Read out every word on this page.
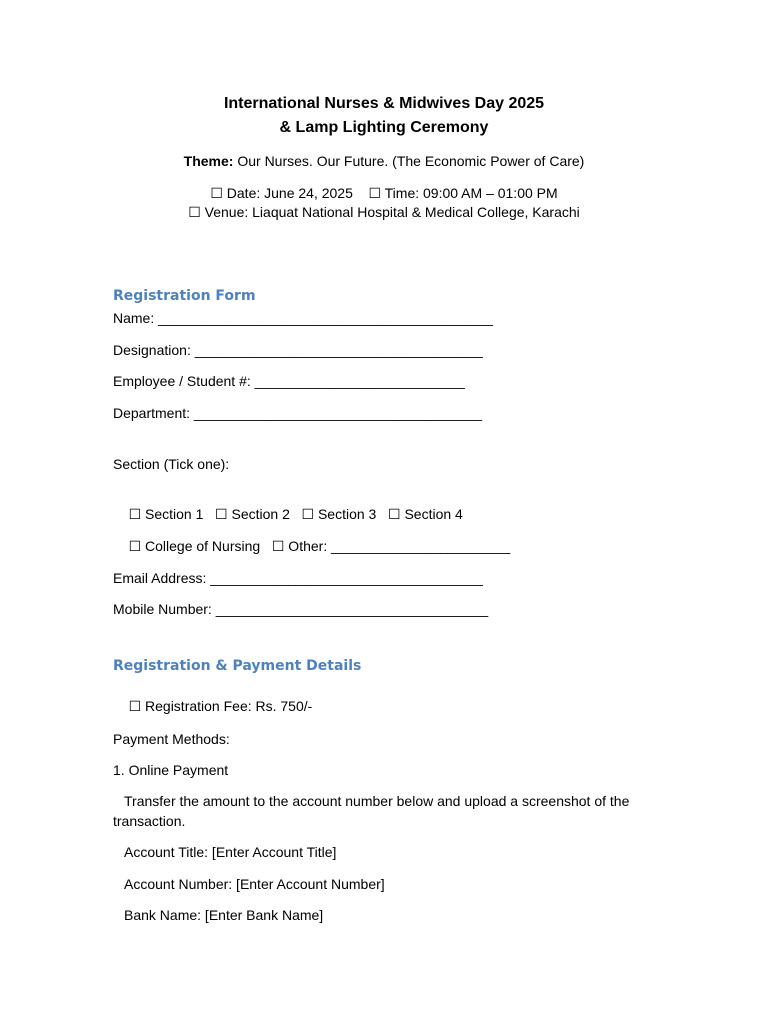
International Nurses & Midwives Day 2025
& Lamp Lighting Ceremony
Theme: Our Nurses. Our Future. (The Economic Power of Care)
☐ Date: June 24, 2025 ☐ Time: 09:00 AM – 01:00 PM
☐ Venue: Liaquat National Hospital & Medical College, Karachi
Registration Form
Name: ___________________________________________
Designation: _____________________________________
Employee / Student #: ___________________________
Department: _____________________________________
Section (Tick one):

☐ Section 1 ☐ Section 2 ☐ Section 3 ☐ Section 4

☐ College of Nursing ☐ Other: _______________________

Email Address: ___________________________________
Mobile Number: ___________________________________
Registration & Payment Details

☐ Registration Fee: Rs. 750/-

Payment Methods:
1. Online Payment
Transfer the amount to the account number below and upload a screenshot of the transaction.
Account Title: [Enter Account Title]
Account Number: [Enter Account Number]
Bank Name: [Enter Bank Name]
